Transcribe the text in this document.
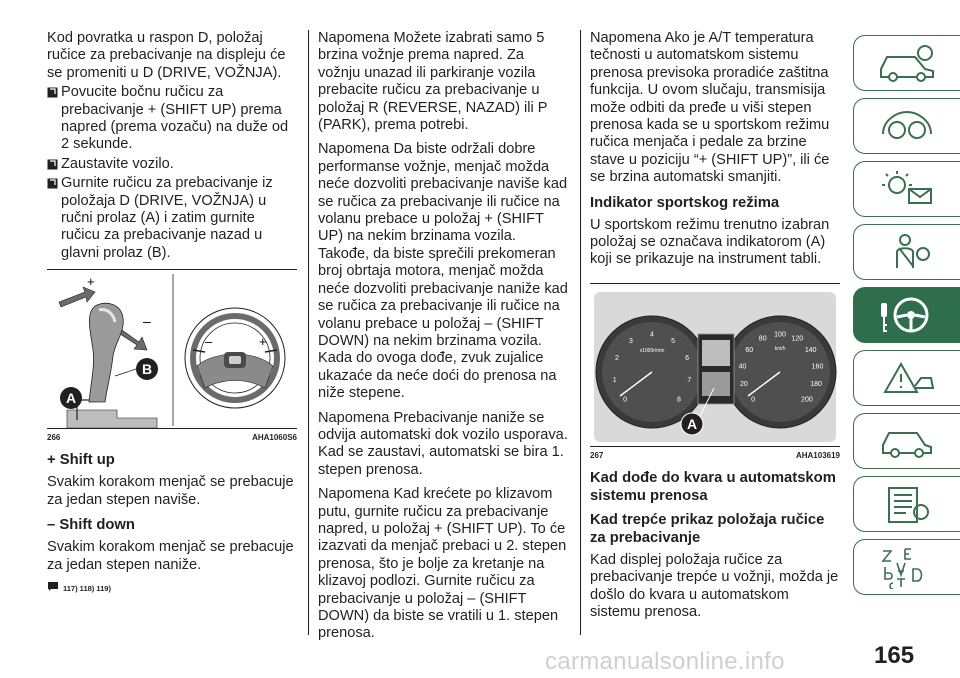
Kod povratka u raspon D, položaj ručice za prebacivanje na displeju će se promeniti u D (DRIVE, VOŽNJA).

Povucite bočnu ručicu za prebacivanje + (SHIFT UP) prema napred (prema vozaču) na duže od 2 sekunde.
Zaustavite vozilo.
Gurnite ručicu za prebacivanje iz položaja D (DRIVE, VOŽNJA) u ručni prolaz (A) i zatim gurnite ručicu za prebacivanje nazad u glavni prolaz (B).
+
–
B
A
–	+
266	AHA1060S6
+ Shift up

Svakim korakom menjač se prebacuje za jedan stepen naviše.

– Shift down

Svakim korakom menjač se prebacuje za jedan stepen naniže.

117) 118) 119)

Napomena Možete izabrati samo 5 brzina vožnje prema napred. Za vožnju unazad ili parkiranje vozila prebacite ručicu za prebacivanje u položaj R (REVERSE, NAZAD) ili P (PARK), prema potrebi.

Napomena Da biste održali dobre performanse vožnje, menjač možda neće dozvoliti prebacivanje naviše kad se ručica za prebacivanje ili ručice na volanu prebace u položaj + (SHIFT UP) na nekim brzinama vozila. Takođe, da biste sprečili prekomeran broj obrtaja motora, menjač možda neće dozvoliti prebacivanje naniže kad se ručica za prebacivanje ili ručice na volanu prebace u položaj – (SHIFT DOWN) na nekim brzinama vozila. Kada do ovoga dođe, zvuk zujalice ukazaće da neće doći do prenosa na niže stepene.

Napomena Prebacivanje naniže se odvija automatski dok vozilo usporava. Kad se zaustavi, automatski se bira 1. stepen prenosa.

Napomena Kad krećete po klizavom putu, gurnite ručicu za prebacivanje napred, u položaj + (SHIFT UP). To će izazvati da menjač prebaci u 2. stepen prenosa, što je bolje za kretanje na klizavoj podlozi. Gurnite ručicu za prebacivanje u položaj – (SHIFT DOWN) da biste se vratili u 1. stepen prenosa.

Napomena Ako je A/T temperatura tečnosti u automatskom sistemu prenosa previsoka proradiće zaštitna funkcija. U ovom slučaju, transmisija može odbiti da pređe u viši stepen prenosa kada se u sportskom režimu ručica menjača i pedale za brzine stave u poziciju “+ (SHIFT UP)”, ili će se brzina automatski smanjiti.

Indikator sportskog režima

U sportskom režimu trenutno izabran položaj se označava indikatorom (A) koji se prikazuje na instrument tabli.

0
1
2
3
4
5
6
7
8
x1000r/min
0
20
40
60
80
100
120
140
160
180
200
km/h
A
267	AHA103619
Kad dođe do kvara u automatskom sistemu prenosa
Kad trepće prikaz položaja ručice za prebacivanje

Kad displej položaja ručice za prebacivanje trepće u vožnji, možda je došlo do kvara u automatskom sistemu prenosa.

carmanualsonline.info	165
